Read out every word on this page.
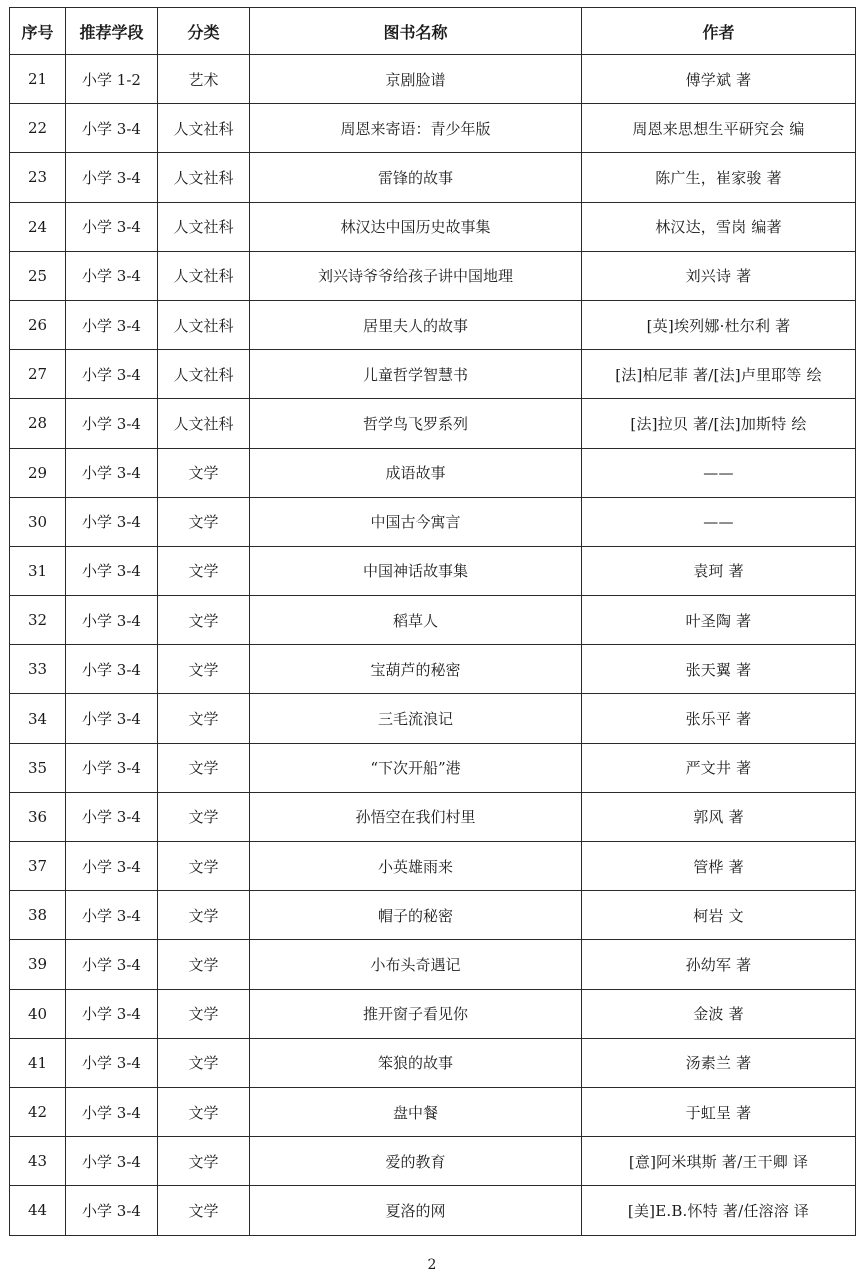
序号	推荐学段	分类	图书名称	作者
21	小学 1-2	艺术	京剧脸谱	傅学斌 著
22	小学 3-4	人文社科	周恩来寄语：青少年版	周恩来思想生平研究会 编
23	小学 3-4	人文社科	雷锋的故事	陈广生，崔家骏 著
24	小学 3-4	人文社科	林汉达中国历史故事集	林汉达，雪岗 编著
25	小学 3-4	人文社科	刘兴诗爷爷给孩子讲中国地理	刘兴诗 著
26	小学 3-4	人文社科	居里夫人的故事	[英]埃列娜·杜尔利 著
27	小学 3-4	人文社科	儿童哲学智慧书	[法]柏尼菲 著/[法]卢里耶等 绘
28	小学 3-4	人文社科	哲学鸟飞罗系列	[法]拉贝 著/[法]加斯特 绘
29	小学 3-4	文学	成语故事	——
30	小学 3-4	文学	中国古今寓言	——
31	小学 3-4	文学	中国神话故事集	袁珂 著
32	小学 3-4	文学	稻草人	叶圣陶 著
33	小学 3-4	文学	宝葫芦的秘密	张天翼 著
34	小学 3-4	文学	三毛流浪记	张乐平 著
35	小学 3-4	文学	“下次开船”港	严文井 著
36	小学 3-4	文学	孙悟空在我们村里	郭风 著
37	小学 3-4	文学	小英雄雨来	管桦 著
38	小学 3-4	文学	帽子的秘密	柯岩 文
39	小学 3-4	文学	小布头奇遇记	孙幼军 著
40	小学 3-4	文学	推开窗子看见你	金波 著
41	小学 3-4	文学	笨狼的故事	汤素兰 著
42	小学 3-4	文学	盘中餐	于虹呈 著
43	小学 3-4	文学	爱的教育	[意]阿米琪斯 著/王干卿 译
44	小学 3-4	文学	夏洛的网	[美]E.B.怀特 著/任溶溶 译
2
